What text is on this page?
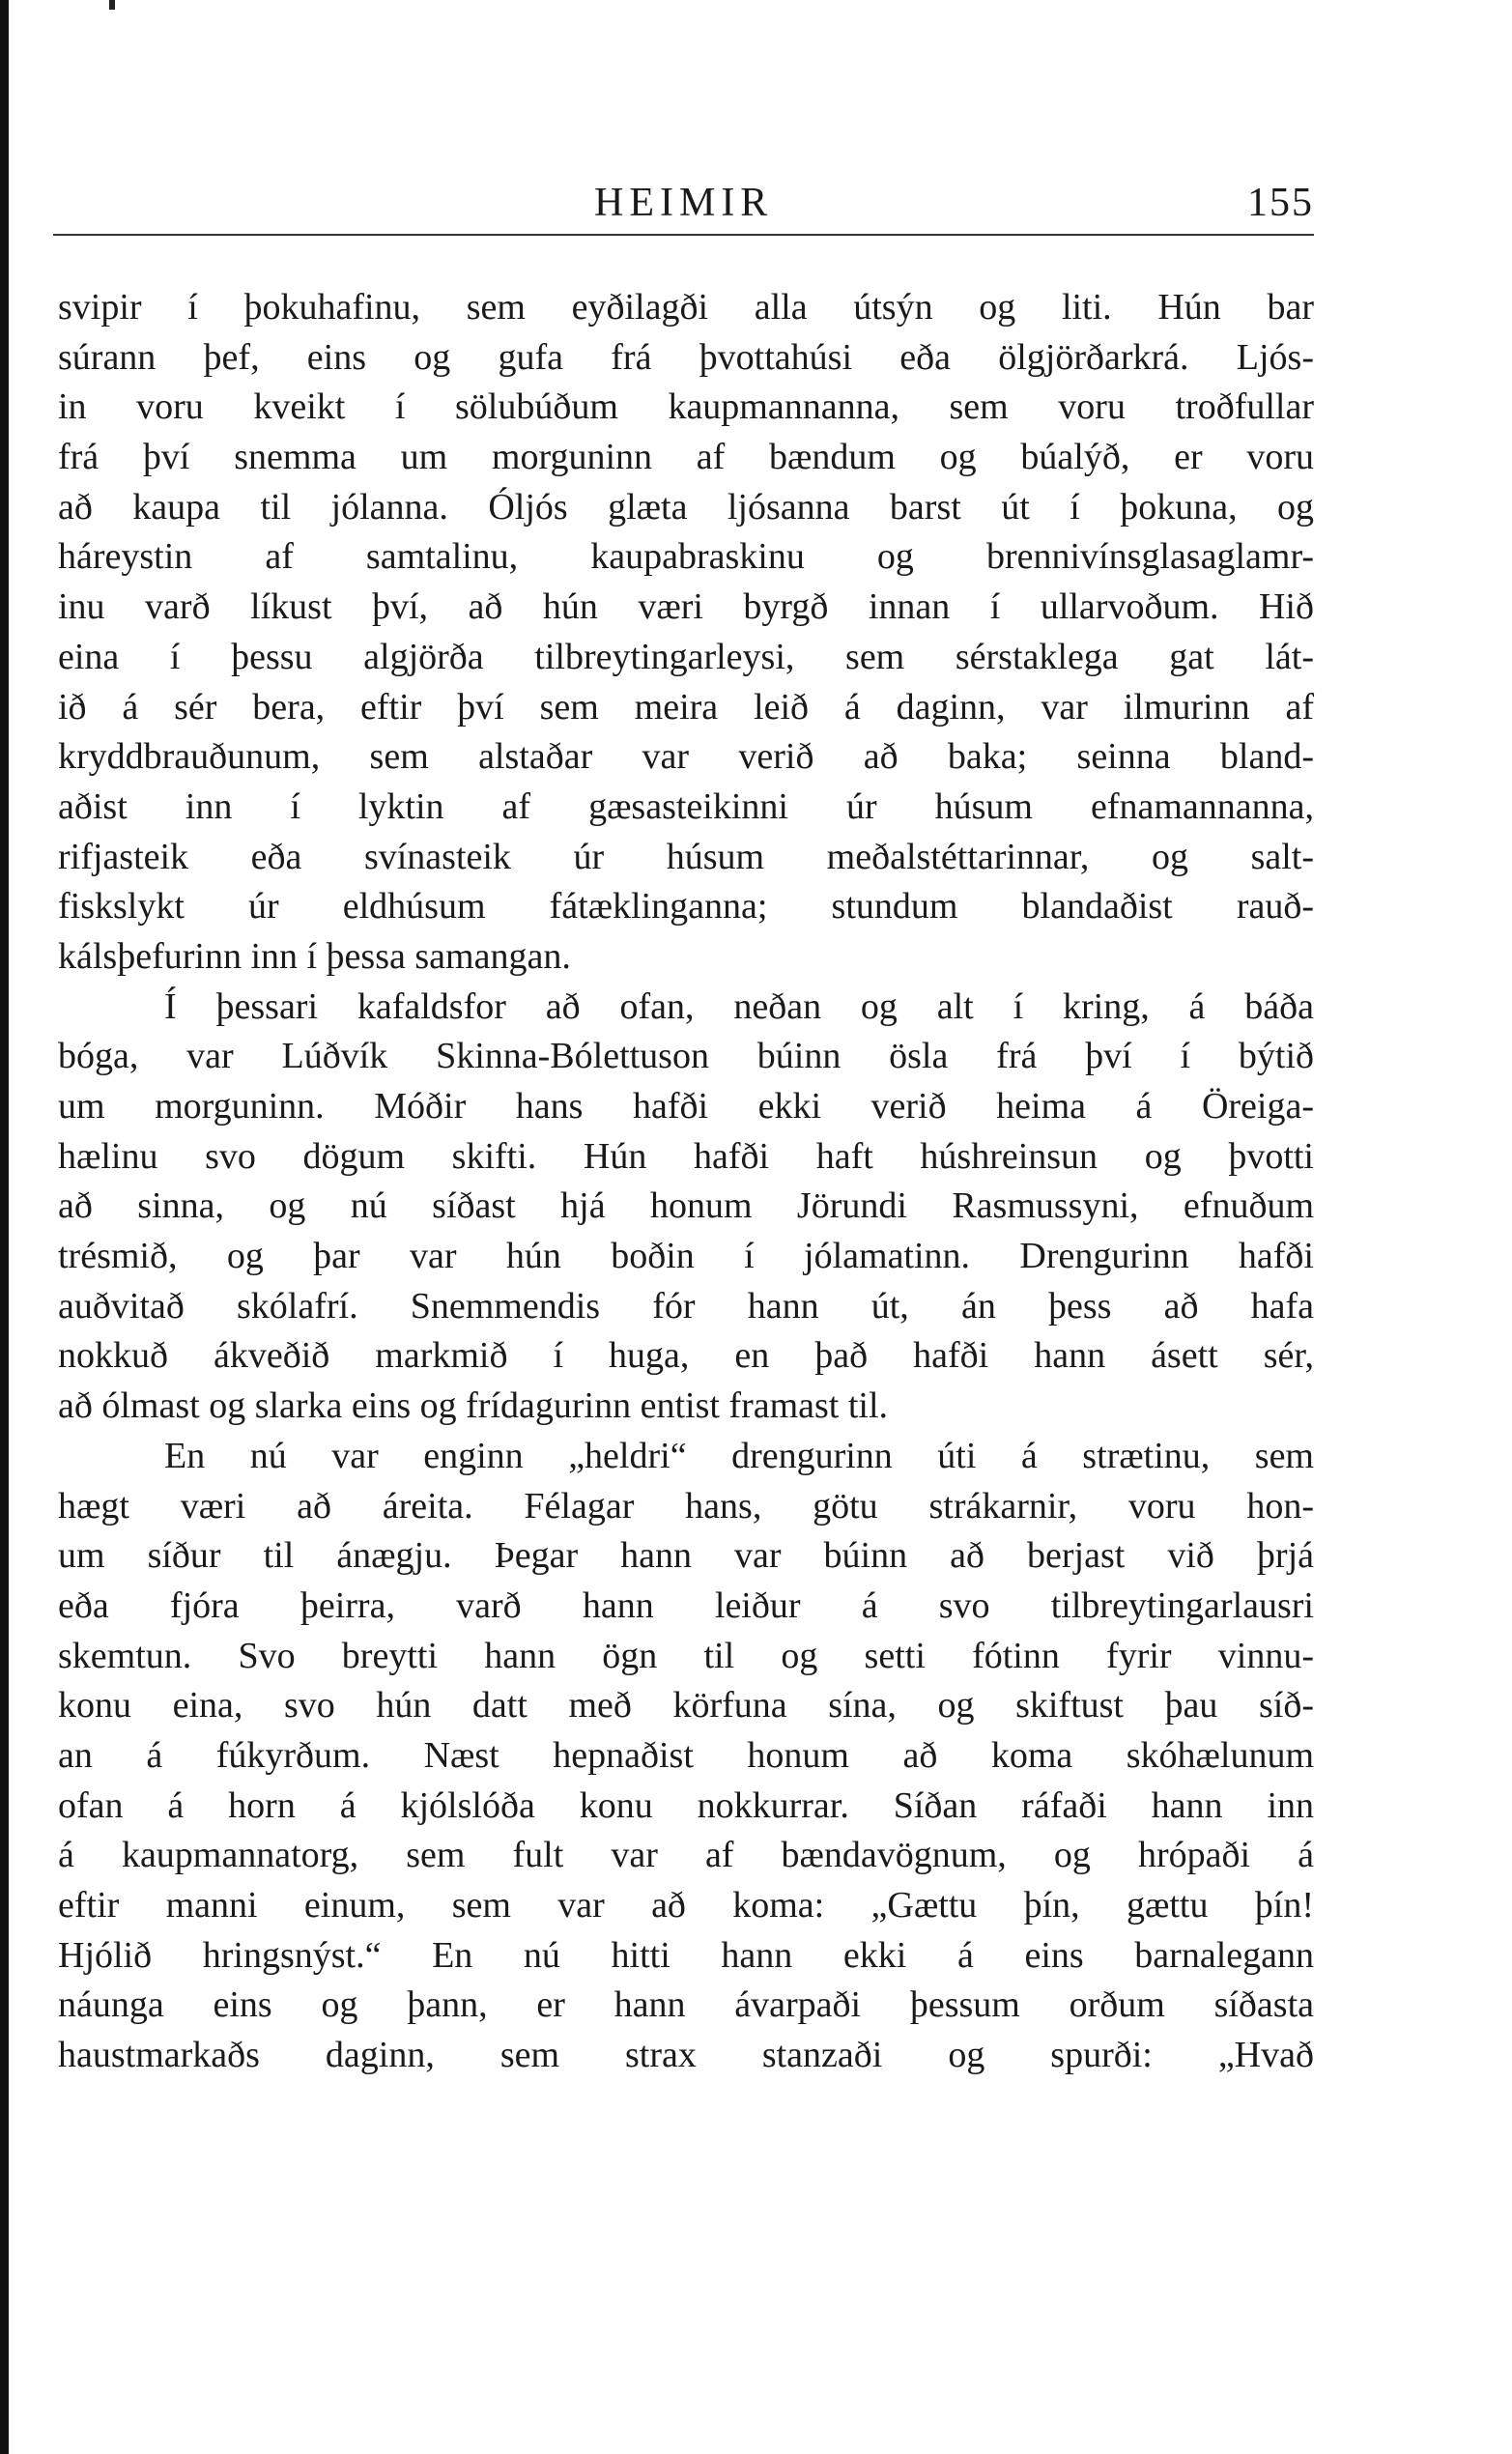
HEIMIR	155
svipir í þokuhafinu, sem eyðilagði alla útsýn og liti. Hún bar
súrann þef, eins og gufa frá þvottahúsi eða ölgjörðarkrá. Ljós-
in voru kveikt í sölubúðum kaupmannanna, sem voru troðfullar
frá því snemma um morguninn af bændum og búalýð, er voru
að kaupa til jólanna. Óljós glæta ljósanna barst út í þokuna, og
háreystin af samtalinu, kaupabraskinu og brennivínsglasaglamr-
inu varð líkust því, að hún væri byrgð innan í ullarvoðum. Hið
eina í þessu algjörða tilbreytingarleysi, sem sérstaklega gat lát-
ið á sér bera, eftir því sem meira leið á daginn, var ilmurinn af
kryddbrauðunum, sem alstaðar var verið að baka; seinna bland-
aðist inn í lyktin af gæsasteikinni úr húsum efnamannanna,
rifjasteik eða svínasteik úr húsum meðalstéttarinnar, og salt-
fiskslykt úr eldhúsum fátæklinganna; stundum blandaðist rauð-
kálsþefurinn inn í þessa samangan.
Í þessari kafaldsfor að ofan, neðan og alt í kring, á báða
bóga, var Lúðvík Skinna-Bólettuson búinn ösla frá því í býtið
um morguninn. Móðir hans hafði ekki verið heima á Öreiga-
hælinu svo dögum skifti. Hún hafði haft húshreinsun og þvotti
að sinna, og nú síðast hjá honum Jörundi Rasmussyni, efnuðum
trésmið, og þar var hún boðin í jólamatinn. Drengurinn hafði
auðvitað skólafrí. Snemmendis fór hann út, án þess að hafa
nokkuð ákveðið markmið í huga, en það hafði hann ásett sér,
að ólmast og slarka eins og frídagurinn entist framast til.
En nú var enginn „heldri“ drengurinn úti á strætinu, sem
hægt væri að áreita. Félagar hans, götu strákarnir, voru hon-
um síður til ánægju. Þegar hann var búinn að berjast við þrjá
eða fjóra þeirra, varð hann leiður á svo tilbreytingarlausri
skemtun. Svo breytti hann ögn til og setti fótinn fyrir vinnu-
konu eina, svo hún datt með körfuna sína, og skiftust þau síð-
an á fúkyrðum. Næst hepnaðist honum að koma skóhælunum
ofan á horn á kjólslóða konu nokkurrar. Síðan ráfaði hann inn
á kaupmannatorg, sem fult var af bændavögnum, og hrópaði á
eftir manni einum, sem var að koma: „Gættu þín, gættu þín!
Hjólið hringsnýst.“ En nú hitti hann ekki á eins barnalegann
náunga eins og þann, er hann ávarpaði þessum orðum síðasta
haustmarkaðs daginn, sem strax stanzaði og spurði: „Hvað
